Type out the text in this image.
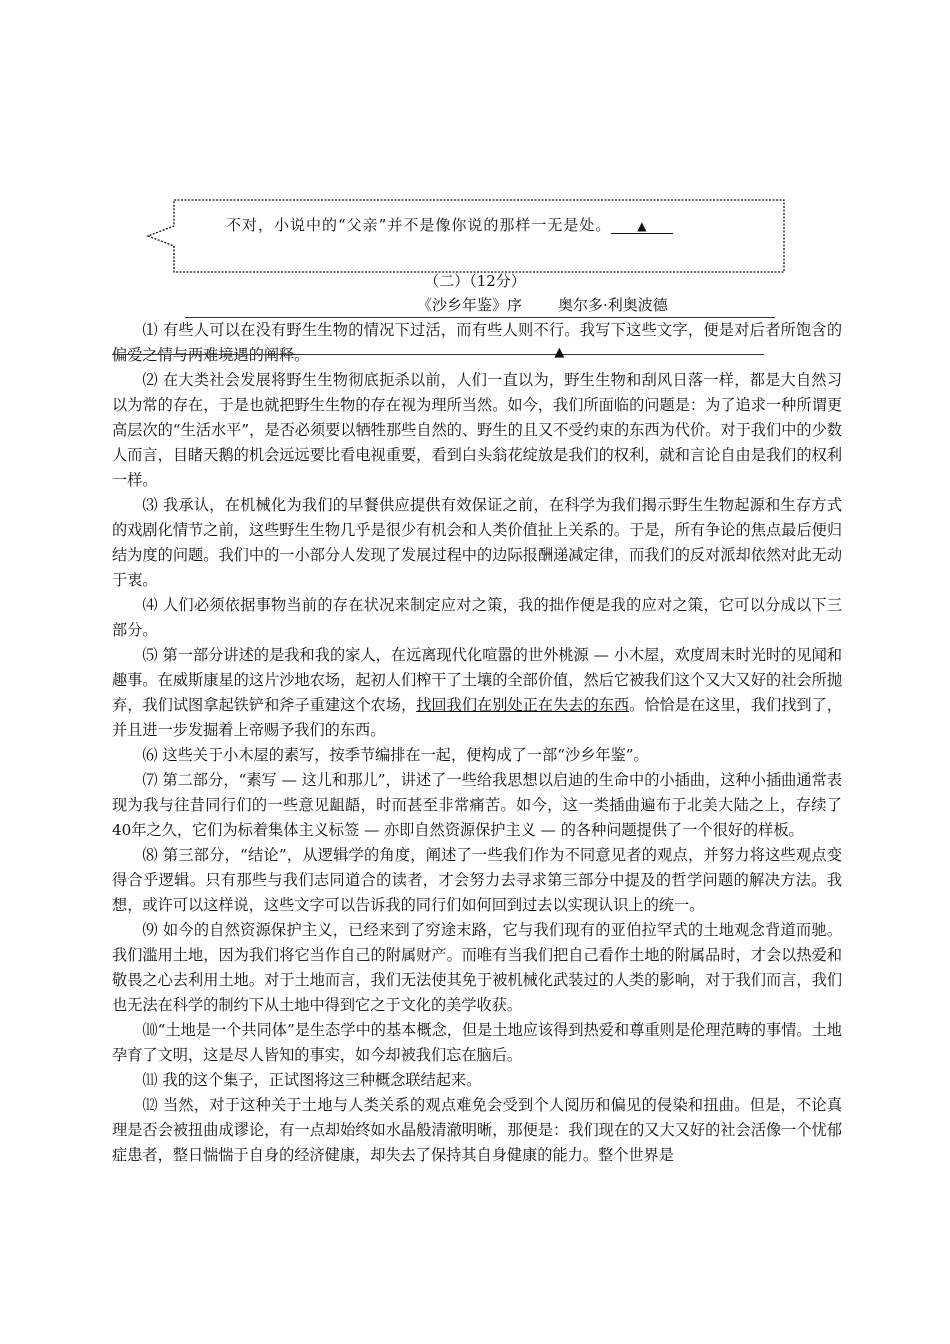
不对，小说中的“父亲”并不是像你说的那样一无是处。 ▲
（二）（12分）
《沙乡年鉴》序 奥尔多·利奥波德

⑴ 有些人可以在没有野生生物的情况下过活，而有些人则不行。我写下这些文字，便是对后者所饱含的偏爱之情与两难境遇的阐释。	▲

⑵ 在大类社会发展将野生生物彻底扼杀以前，人们一直以为，野生生物和刮风日落一样，都是大自然习以为常的存在，于是也就把野生生物的存在视为理所当然。如今，我们所面临的问题是：为了追求一种所谓更高层次的“生活水平”，是否必须要以牺牲那些自然的、野生的且又不受约束的东西为代价。对于我们中的少数人而言，目睹天鹅的机会远远要比看电视重要，看到白头翁花绽放是我们的权利，就和言论自由是我们的权利一样。

⑶ 我承认，在机械化为我们的早餐供应提供有效保证之前，在科学为我们揭示野生生物起源和生存方式的戏剧化情节之前，这些野生生物几乎是很少有机会和人类价值扯上关系的。于是，所有争论的焦点最后便归结为度的问题。我们中的一小部分人发现了发展过程中的边际报酬递减定律，而我们的反对派却依然对此无动于衷。

⑷ 人们必须依据事物当前的存在状况来制定应对之策，我的拙作便是我的应对之策，它可以分成以下三部分。

⑸ 第一部分讲述的是我和我的家人，在远离现代化喧嚣的世外桃源 — 小木屋，欢度周末时光时的见闻和趣事。在威斯康星的这片沙地农场，起初人们榨干了土壤的全部价值，然后它被我们这个又大又好的社会所抛弃，我们试图拿起铁铲和斧子重建这个农场，找回我们在别处正在失去的东西。恰恰是在这里，我们找到了，并且进一步发掘着上帝赐予我们的东西。

⑹ 这些关于小木屋的素写，按季节编排在一起，便构成了一部“沙乡年鉴”。

⑺ 第二部分，“素写 — 这儿和那儿”，讲述了一些给我思想以启迪的生命中的小插曲，这种小插曲通常表现为我与往昔同行们的一些意见龃龉，时而甚至非常痛苦。如今，这一类插曲遍布于北美大陆之上，存续了40年之久，它们为标着集体主义标签 — 亦即自然资源保护主义 — 的各种问题提供了一个很好的样板。

⑻ 第三部分，“结论”，从逻辑学的角度，阐述了一些我们作为不同意见者的观点，并努力将这些观点变得合乎逻辑。只有那些与我们志同道合的读者，才会努力去寻求第三部分中提及的哲学问题的解决方法。我想，或许可以这样说，这些文字可以告诉我的同行们如何回到过去以实现认识上的统一。

⑼ 如今的自然资源保护主义，已经来到了穷途末路，它与我们现有的亚伯拉罕式的土地观念背道而驰。我们滥用土地，因为我们将它当作自己的附属财产。而唯有当我们把自己看作土地的附属品时，才会以热爱和敬畏之心去利用土地。对于土地而言，我们无法使其免于被机械化武装过的人类的影响，对于我们而言，我们也无法在科学的制约下从土地中得到它之于文化的美学收获。

⑽“土地是一个共同体”是生态学中的基本概念，但是土地应该得到热爱和尊重则是伦理范畴的事情。土地孕育了文明，这是尽人皆知的事实，如今却被我们忘在脑后。

⑾ 我的这个集子，正试图将这三种概念联结起来。

⑿ 当然，对于这种关于土地与人类关系的观点难免会受到个人阅历和偏见的侵染和扭曲。但是，不论真理是否会被扭曲成谬论，有一点却始终如水晶般清澈明晰，那便是：我们现在的又大又好的社会活像一个忧郁症患者，整日惴惴于自身的经济健康，却失去了保持其自身健康的能力。整个世界是
